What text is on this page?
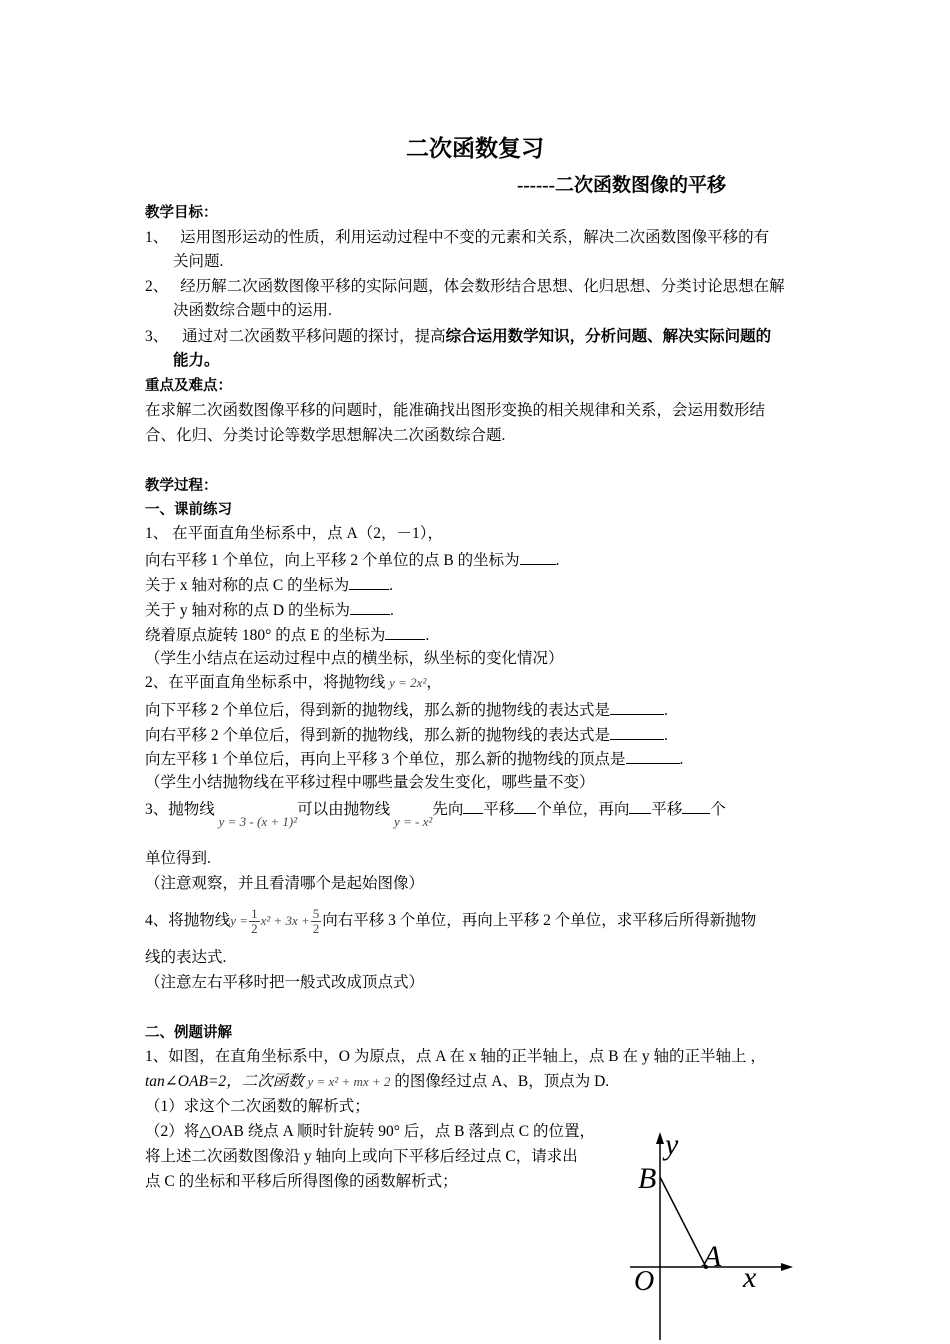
二次函数复习
------二次函数图像的平移
教学目标：
1、 运用图形运动的性质，利用运动过程中不变的元素和关系，解决二次函数图像平移的有
关问题.
2、 经历解二次函数图像平移的实际问题，体会数形结合思想、化归思想、分类讨论思想在解
决函数综合题中的运用.
3、 通过对二次函数平移问题的探讨，提高综合运用数学知识，分析问题、解决实际问题的
能力。
重点及难点：
在求解二次函数图像平移的问题时，能准确找出图形变换的相关规律和关系，会运用数形结
合、化归、分类讨论等数学思想解决二次函数综合题.
教学过程：
一、课前练习
1、 在平面直角坐标系中，点 A（2，－1），
向右平移 1 个单位，向上平移 2 个单位的点 B 的坐标为 .
关于 x 轴对称的点 C 的坐标为	.
关于 y 轴对称的点 D 的坐标为	.
绕着原点旋转 180° 的点 E 的坐标为	.
（学生小结点在运动过程中点的横坐标，纵坐标的变化情况）
2、在平面直角坐标系中，将抛物线 y = 2x²，
向下平移 2 个单位后，得到新的抛物线，那么新的抛物线的表达式是	.
向右平移 2 个单位后，得到新的抛物线，那么新的抛物线的表达式是	.
向左平移 1 个单位后，再向上平移 3 个单位，那么新的抛物线的顶点是	.
（学生小结抛物线在平移过程中哪些量会发生变化，哪些量不变）
3、抛物线 $_{y = 3 - (x + 1)^2}$可以由抛物线 $_{y = - x^2}$先向 平移 个单位，再向 平移 个
单位得到.
（注意观察，并且看清哪个是起始图像）
4、将抛物线$y = \frac{1}{2} x^2 + 3x + \frac{5}{2}$ 向右平移 3 个单位，再向上平移 2 个单位，求平移后所得新抛物
线的表达式.
（注意左右平移时把一般式改成顶点式）
二、例题讲解
1、如图，在直角坐标系中，O 为原点，点 A 在 x 轴的正半轴上，点 B 在 y 轴的正半轴上 ，
tan∠OAB=2，二次函数 y = x² + mx + 2 的图像经过点 A、B，顶点为 D.
（1）求这个二次函数的解析式；
（2）将△OAB 绕点 A 顺时针旋转 90° 后，点 B 落到点 C 的位置，
将上述二次函数图像沿 y 轴向上或向下平移后经过点 C，请求出
点 C 的坐标和平移后所得图像的函数解析式；
y
B
A
O	x
